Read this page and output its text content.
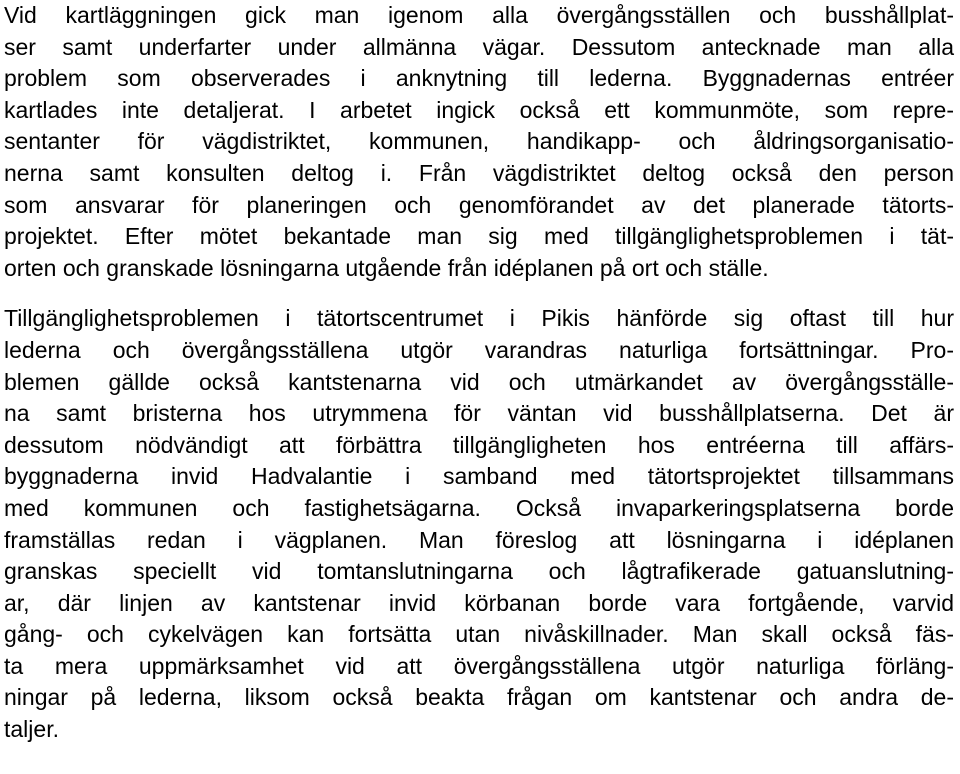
Vid kartläggningen gick man igenom alla övergångsställen och busshållplat-
ser samt underfarter under allmänna vägar. Dessutom antecknade man alla
problem som observerades i anknytning till lederna. Byggnadernas entréer
kartlades inte detaljerat. I arbetet ingick också ett kommunmöte, som repre-
sentanter för vägdistriktet, kommunen, handikapp- och åldringsorganisatio-
nerna samt konsulten deltog i. Från vägdistriktet deltog också den person
som ansvarar för planeringen och genomförandet av det planerade tätorts-
projektet. Efter mötet bekantade man sig med tillgänglighetsproblemen i tät-
orten och granskade lösningarna utgående från idéplanen på ort och ställe.
Tillgänglighetsproblemen i tätortscentrumet i Pikis hänförde sig oftast till hur
lederna och övergångsställena utgör varandras naturliga fortsättningar. Pro-
blemen gällde också kantstenarna vid och utmärkandet av övergångsställe-
na samt bristerna hos utrymmena för väntan vid busshållplatserna. Det är
dessutom nödvändigt att förbättra tillgängligheten hos entréerna till affärs-
byggnaderna invid Hadvalantie i samband med tätortsprojektet tillsammans
med kommunen och fastighetsägarna. Också invaparkeringsplatserna borde
framställas redan i vägplanen. Man föreslog att lösningarna i idéplanen
granskas speciellt vid tomtanslutningarna och lågtrafikerade gatuanslutning-
ar, där linjen av kantstenar invid körbanan borde vara fortgående, varvid
gång- och cykelvägen kan fortsätta utan nivåskillnader. Man skall också fäs-
ta mera uppmärksamhet vid att övergångsställena utgör naturliga förläng-
ningar på lederna, liksom också beakta frågan om kantstenar och andra de-
taljer.
